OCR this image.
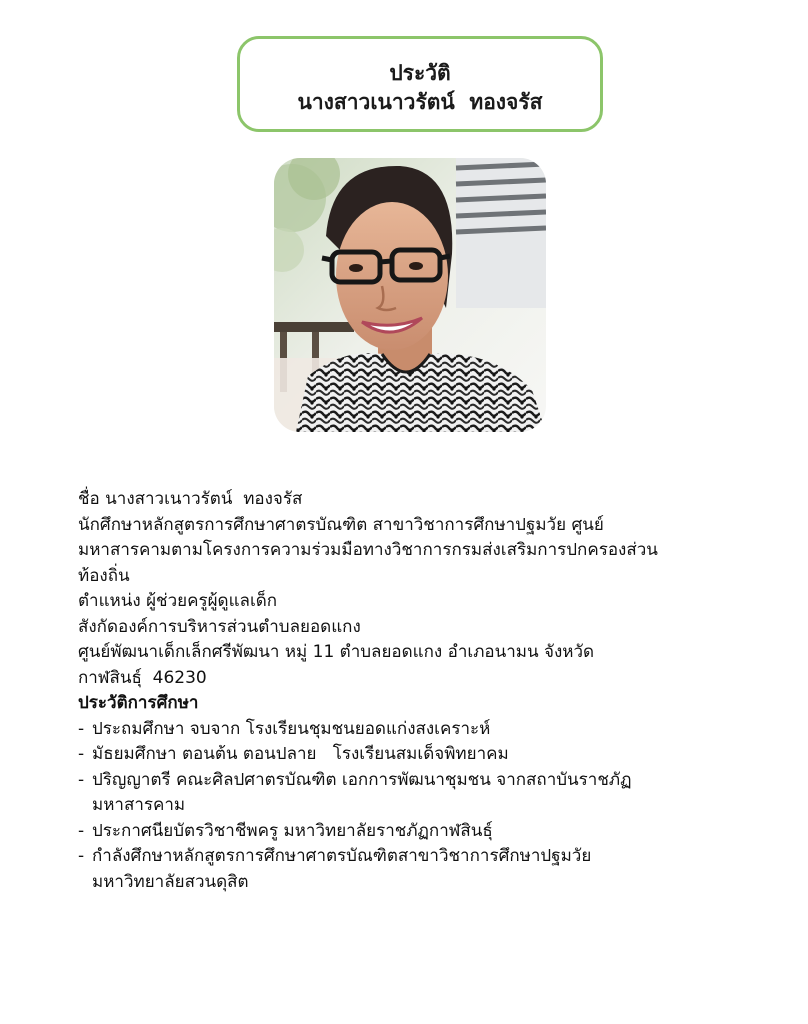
ประวัติ
นางสาวเนาวรัตน์  ทองจรัส

ชื่อ นางสาวเนาวรัตน์  ทองจรัส

นักศึกษาหลักสูตรการศึกษาศาตรบัณฑิต สาขาวิชาการศึกษาปฐมวัย ศูนย์
มหาสารคามตามโครงการความร่วมมือทางวิชาการกรมส่งเสริมการปกครองส่วน
ท้องถิ่น

ตำแหน่ง ผู้ช่วยครูผู้ดูแลเด็ก

สังกัดองค์การบริหารส่วนตำบลยอดแกง

ศูนย์พัฒนาเด็กเล็กศรีพัฒนา หมู่ 11 ตำบลยอดแกง อำเภอนามน จังหวัด
กาฬสินธุ์  46230

ประวัติการศึกษา

- ประถมศึกษา จบจาก โรงเรียนชุมชนยอดแก่งสงเคราะห์
- มัธยมศึกษา ตอนต้น ตอนปลาย   โรงเรียนสมเด็จพิทยาคม
- ปริญญาตรี คณะศิลปศาตรบัณฑิต เอกการพัฒนาชุมชน จากสถาบันราชภัฏ
มหาสารคาม
- ประกาศนียบัตรวิชาชีพครู มหาวิทยาลัยราชภัฏกาฬสินธุ์
- กำลังศึกษาหลักสูตรการศึกษาศาตรบัณฑิตสาขาวิชาการศึกษาปฐมวัย
มหาวิทยาลัยสวนดุสิต
